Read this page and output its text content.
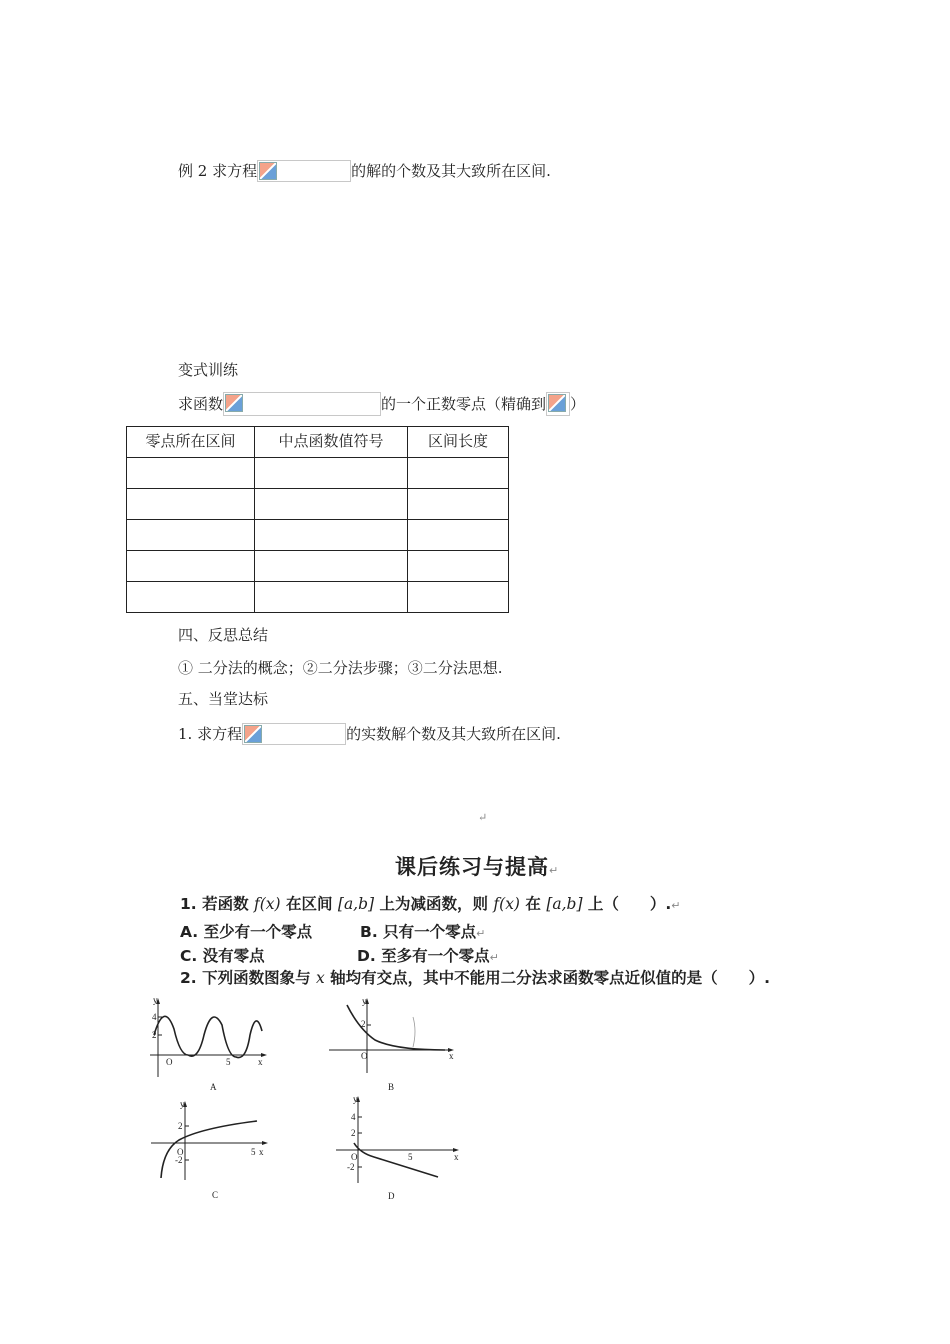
例 2 求方程	的解的个数及其大致所在区间.
变式训练
求函数	的一个正数零点（精确到 ）
零点所在区间	中点函数值符号	区间长度

四、反思总结
① 二分法的概念；②二分法步骤；③二分法思想.
五、当堂达标
1. 求方程	的实数解个数及其大致所在区间.
↵
课后练习与提高↵
1. 若函数 f(x) 在区间 [a,b] 上为减函数，则 f(x) 在 [a,b] 上（　　）.↵
A. 至少有一个零点	B. 只有一个零点↵
C. 没有零点	D. 至多有一个零点↵
2. 下列函数图象与 x 轴均有交点，其中不能用二分法求函数零点近似值的是（　　）.
y
4
2
O	5	x
A
y
2
O	x
B
y
2
O
-2
5 x
C
y
4
2
O
-2
5	x
D
